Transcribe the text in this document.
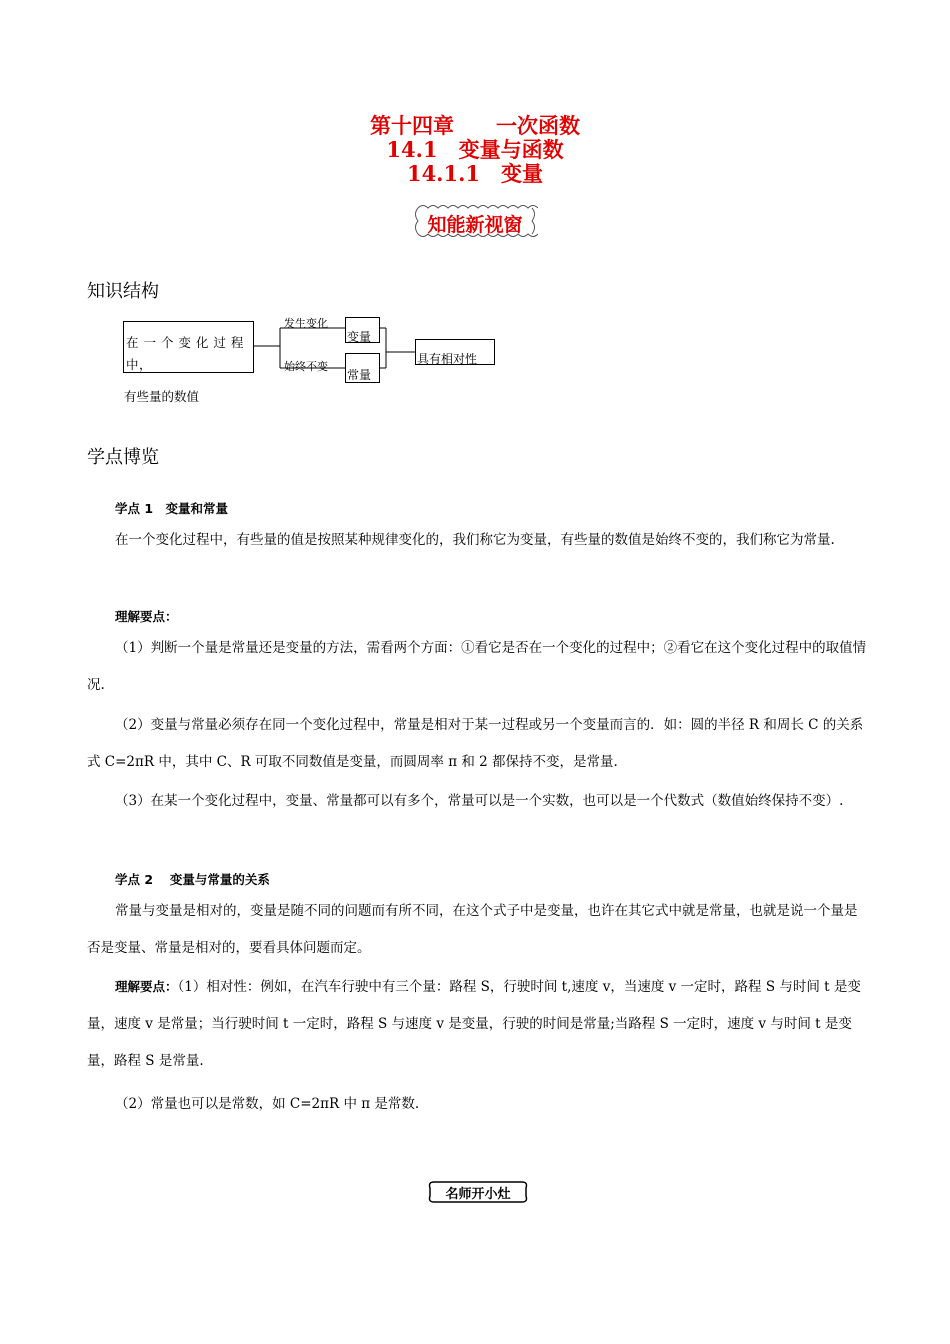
第十四章　　一次函数
14.1　变量与函数
14.1.1　变量
知能新视窗
知识结构
在 一 个 变 化 过 程 中，
有些量的数值
发生变化
始终不变
变量
常量
具有相对性
学点博览
学点 1　变量和常量
在一个变化过程中，有些量的值是按照某种规律变化的，我们称它为变量，有些量的数值是始终不变的，我们称它为常量.
理解要点：
（1）判断一个量是常量还是变量的方法，需看两个方面：①看它是否在一个变化的过程中；②看它在这个变化过程中的取值情况.
（2）变量与常量必须存在同一个变化过程中，常量是相对于某一过程或另一个变量而言的．如：圆的半径 R 和周长 C 的关系式 C=2πR 中，其中 C、R 可取不同数值是变量，而圆周率 π 和 2 都保持不变，是常量.
（3）在某一个变化过程中，变量、常量都可以有多个，常量可以是一个实数，也可以是一个代数式（数值始终保持不变）.
学点 2　 变量与常量的关系
常量与变量是相对的，变量是随不同的问题而有所不同，在这个式子中是变量，也许在其它式中就是常量，也就是说一个量是否是变量、常量是相对的，要看具体问题而定。
理解要点：（1）相对性：例如，在汽车行驶中有三个量：路程 S，行驶时间 t,速度 v，当速度 v 一定时，路程 S 与时间 t 是变量，速度 v 是常量；当行驶时间 t 一定时，路程 S 与速度 v 是变量，行驶的时间是常量;当路程 S 一定时，速度 v 与时间 t 是变量，路程 S 是常量.
（2）常量也可以是常数，如 C=2πR 中 π 是常数.
名师开小灶
